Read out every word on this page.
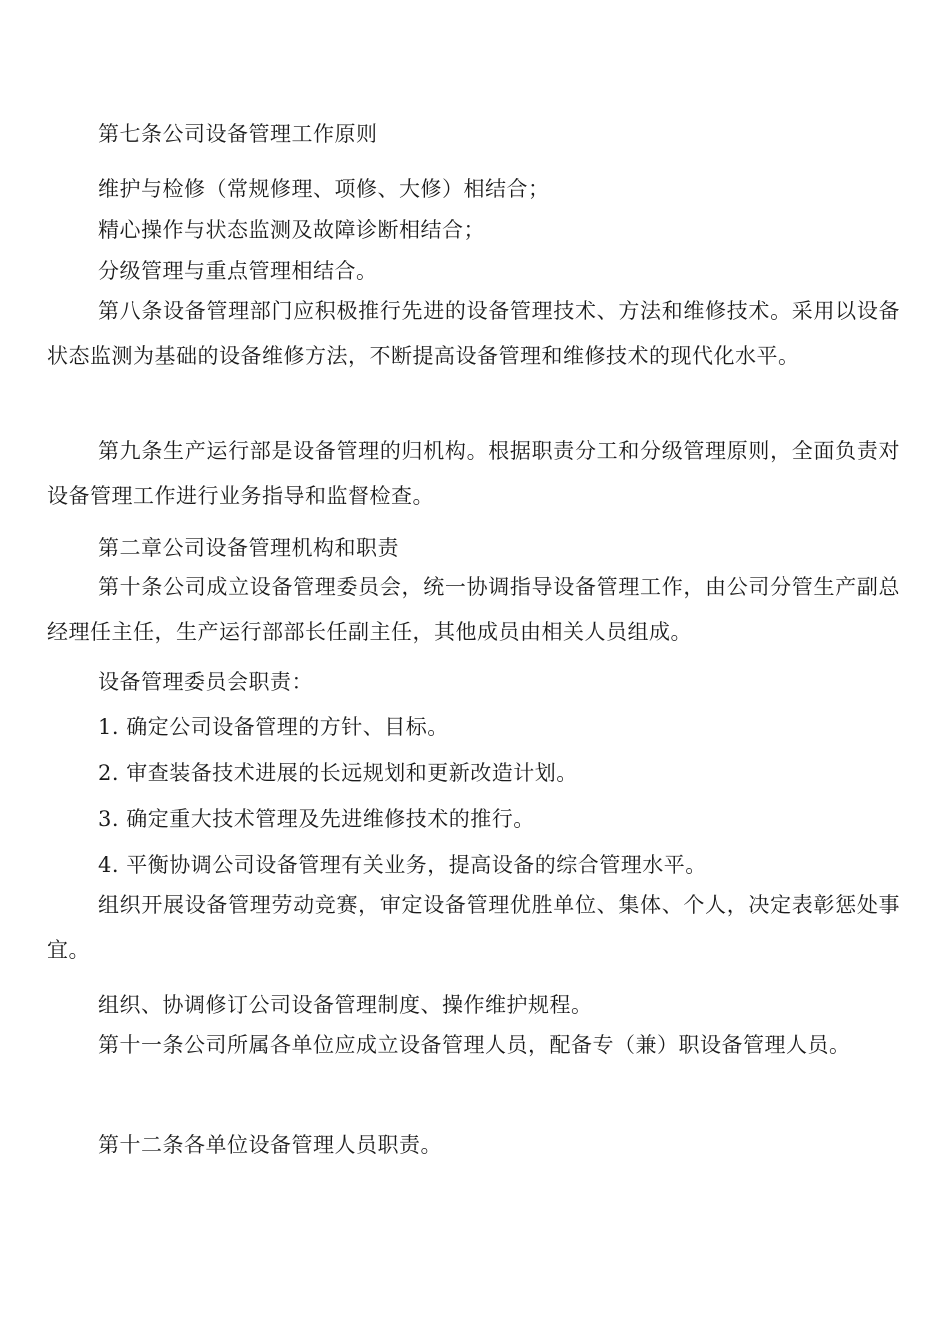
第七条公司设备管理工作原则

维护与检修（常规修理、项修、大修）相结合；

精心操作与状态监测及故障诊断相结合；

分级管理与重点管理相结合。

第八条设备管理部门应积极推行先进的设备管理技术、方法和维修技术。采用以设备状态监测为基础的设备维修方法，不断提高设备管理和维修技术的现代化水平。

第九条生产运行部是设备管理的归机构。根据职责分工和分级管理原则，全面负责对设备管理工作进行业务指导和监督检查。

第二章公司设备管理机构和职责

第十条公司成立设备管理委员会，统一协调指导设备管理工作，由公司分管生产副总经理任主任，生产运行部部长任副主任，其他成员由相关人员组成。

设备管理委员会职责：

1. 确定公司设备管理的方针、目标。

2. 审查装备技术进展的长远规划和更新改造计划。

3. 确定重大技术管理及先进维修技术的推行。

4. 平衡协调公司设备管理有关业务，提高设备的综合管理水平。

组织开展设备管理劳动竞赛，审定设备管理优胜单位、集体、个人，决定表彰惩处事宜。

组织、协调修订公司设备管理制度、操作维护规程。

第十一条公司所属各单位应成立设备管理人员，配备专（兼）职设备管理人员。

第十二条各单位设备管理人员职责。
